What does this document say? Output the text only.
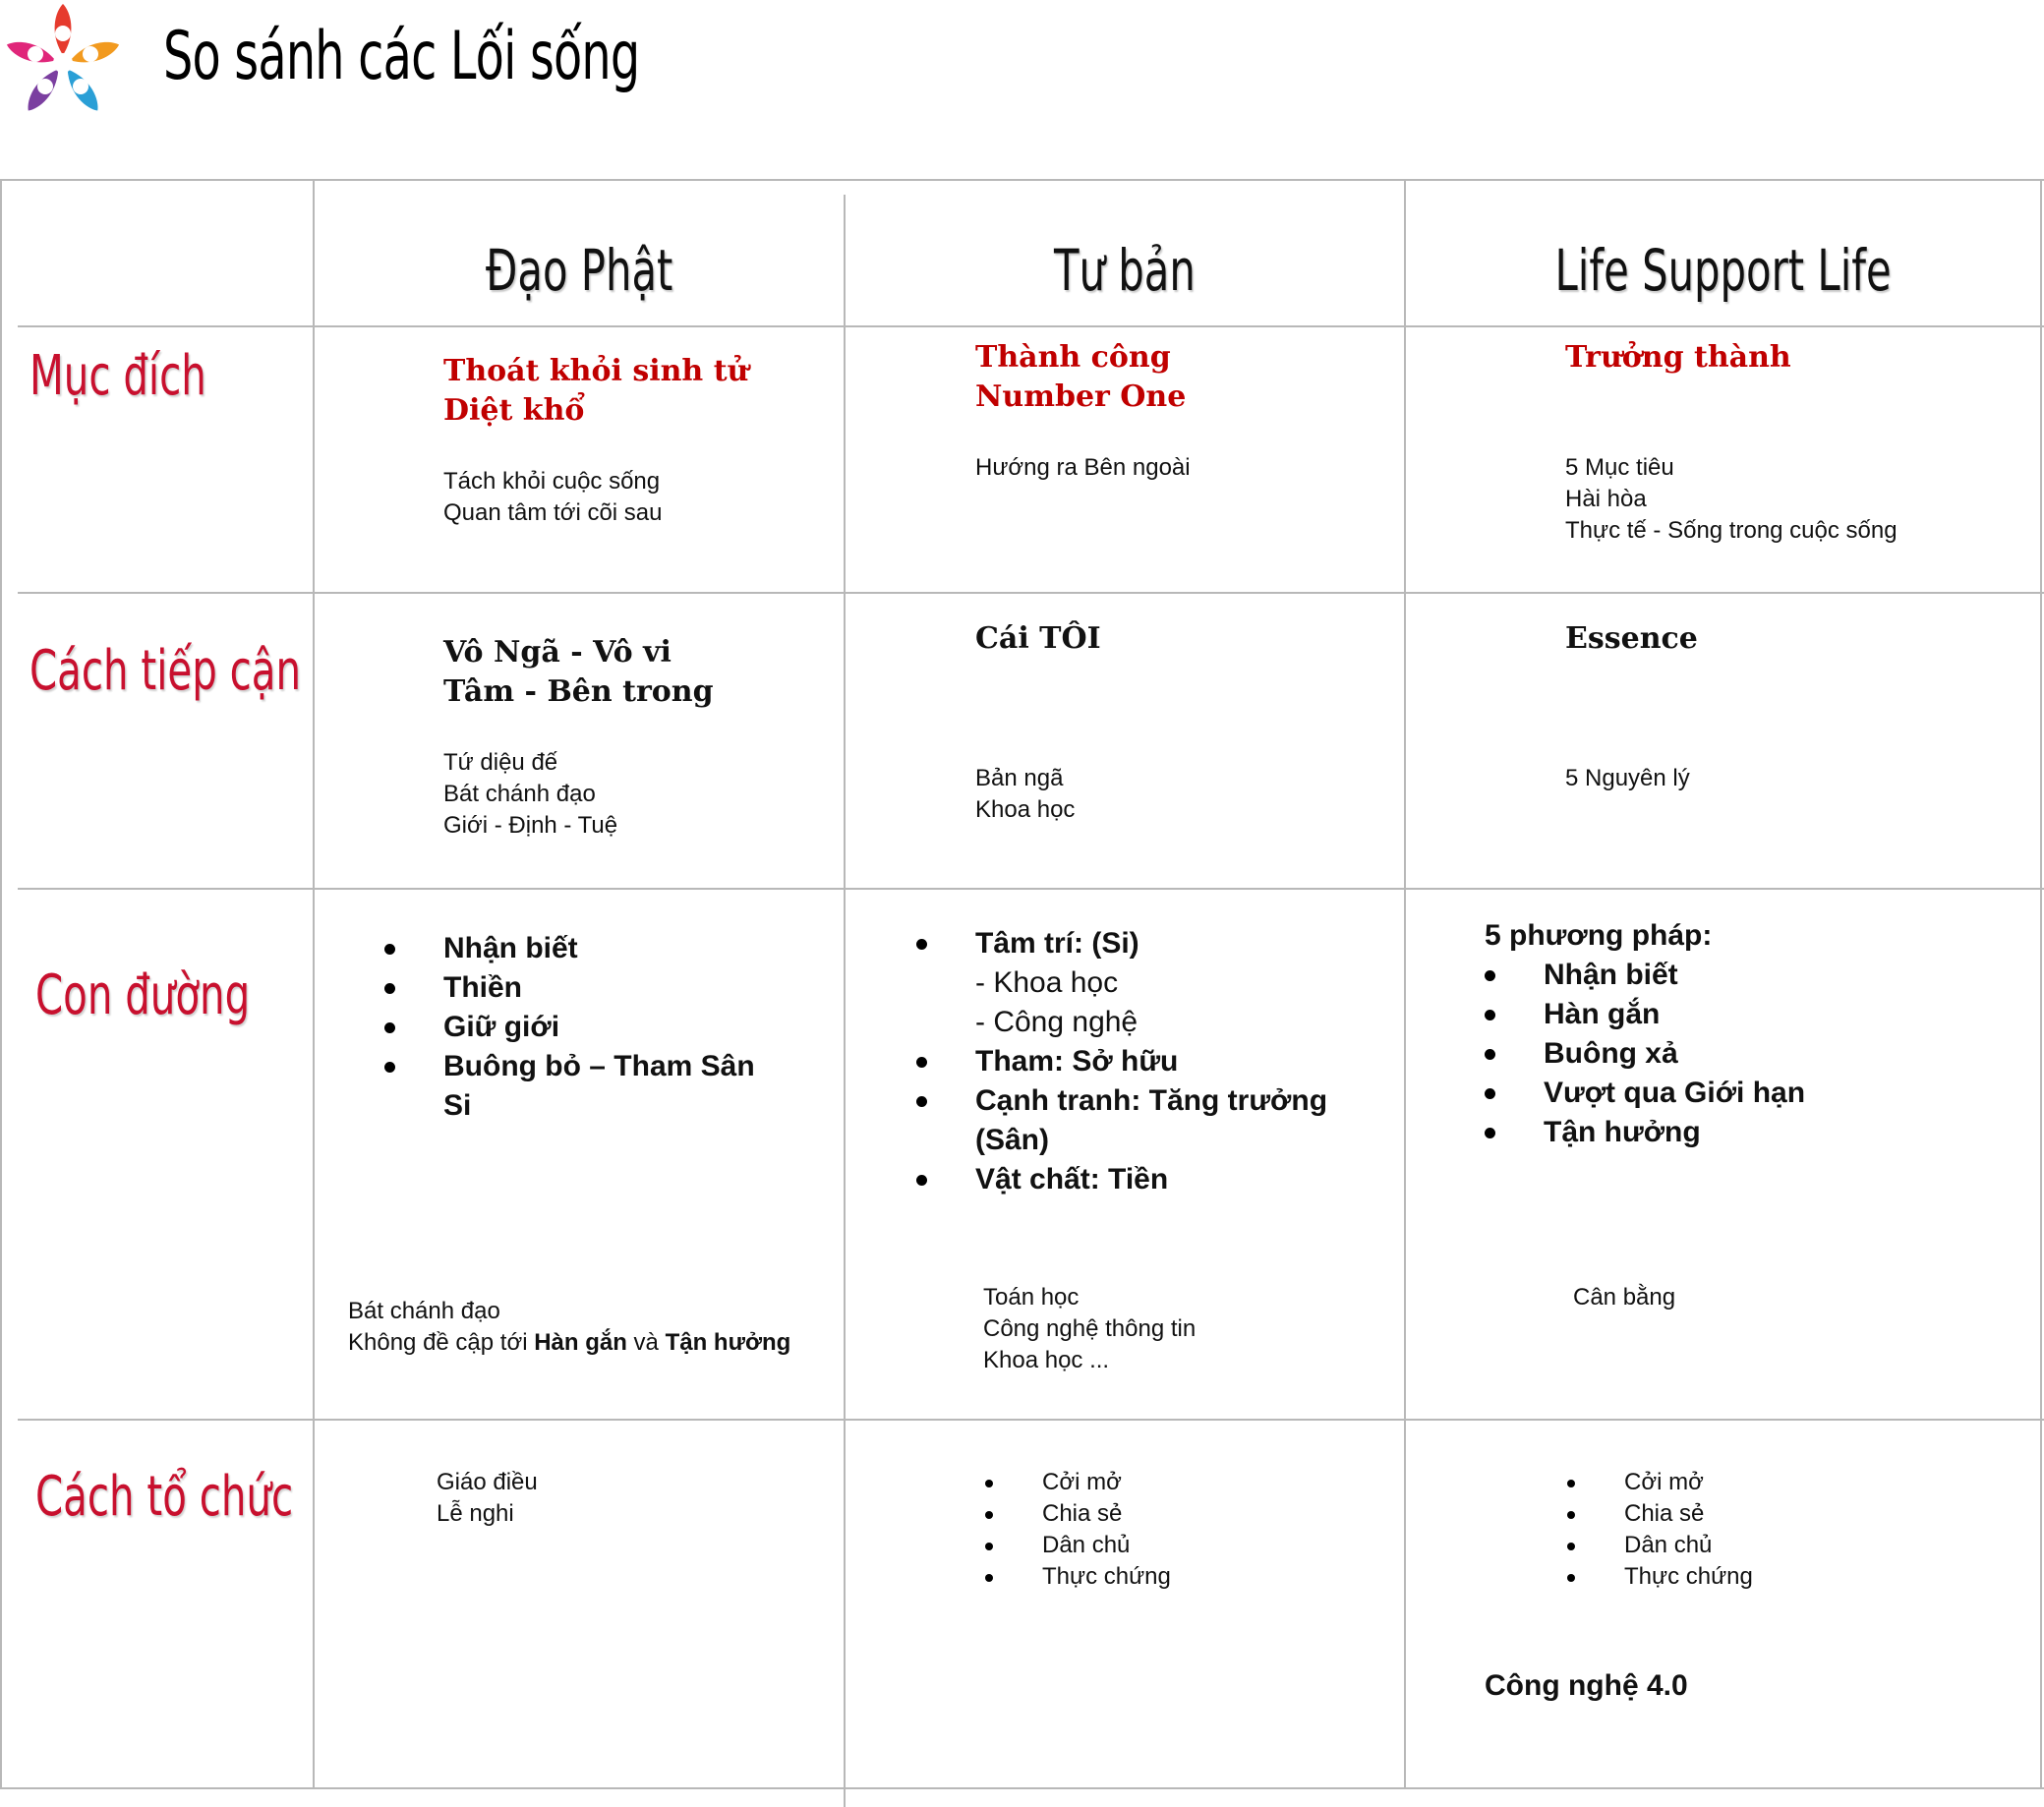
So sánh các Lối sống
Đạo Phật	Tư bản	Life Support Life
Mục đích
Cách tiếp cận
Con đường
Cách tổ chức
Thoát khỏi sinh tử
Diệt khổ
Tách khỏi cuộc sống
Quan tâm tới cõi sau
Thành công
Number One
Hướng ra Bên ngoài
Trưởng thành
5 Mục tiêu
Hài hòa
Thực tế - Sống trong cuộc sống
Vô Ngã - Vô vi
Tâm - Bên trong
Tứ diệu đế
Bát chánh đạo
Giới - Định - Tuệ
Cái TÔI
Bản ngã
Khoa học
Essence
5 Nguyên lý
Nhận biết
Thiền
Giữ giới
Buông bỏ – Tham Sân
Si
Bát chánh đạo
Không đề cập tới Hàn gắn và Tận hưởng
Tâm trí: (Si)
- Khoa học
- Công nghệ
Tham: Sở hữu
Cạnh tranh: Tăng trưởng
(Sân)
Vật chất: Tiền
Toán học
Công nghệ thông tin
Khoa học ...
5 phương pháp:
Nhận biết
Hàn gắn
Buông xả
Vượt qua Giới hạn
Tận hưởng
Cân bằng
Giáo điều
Lễ nghi
Cởi mở
Chia sẻ
Dân chủ
Thực chứng
Cởi mở
Chia sẻ
Dân chủ
Thực chứng
Công nghệ 4.0
